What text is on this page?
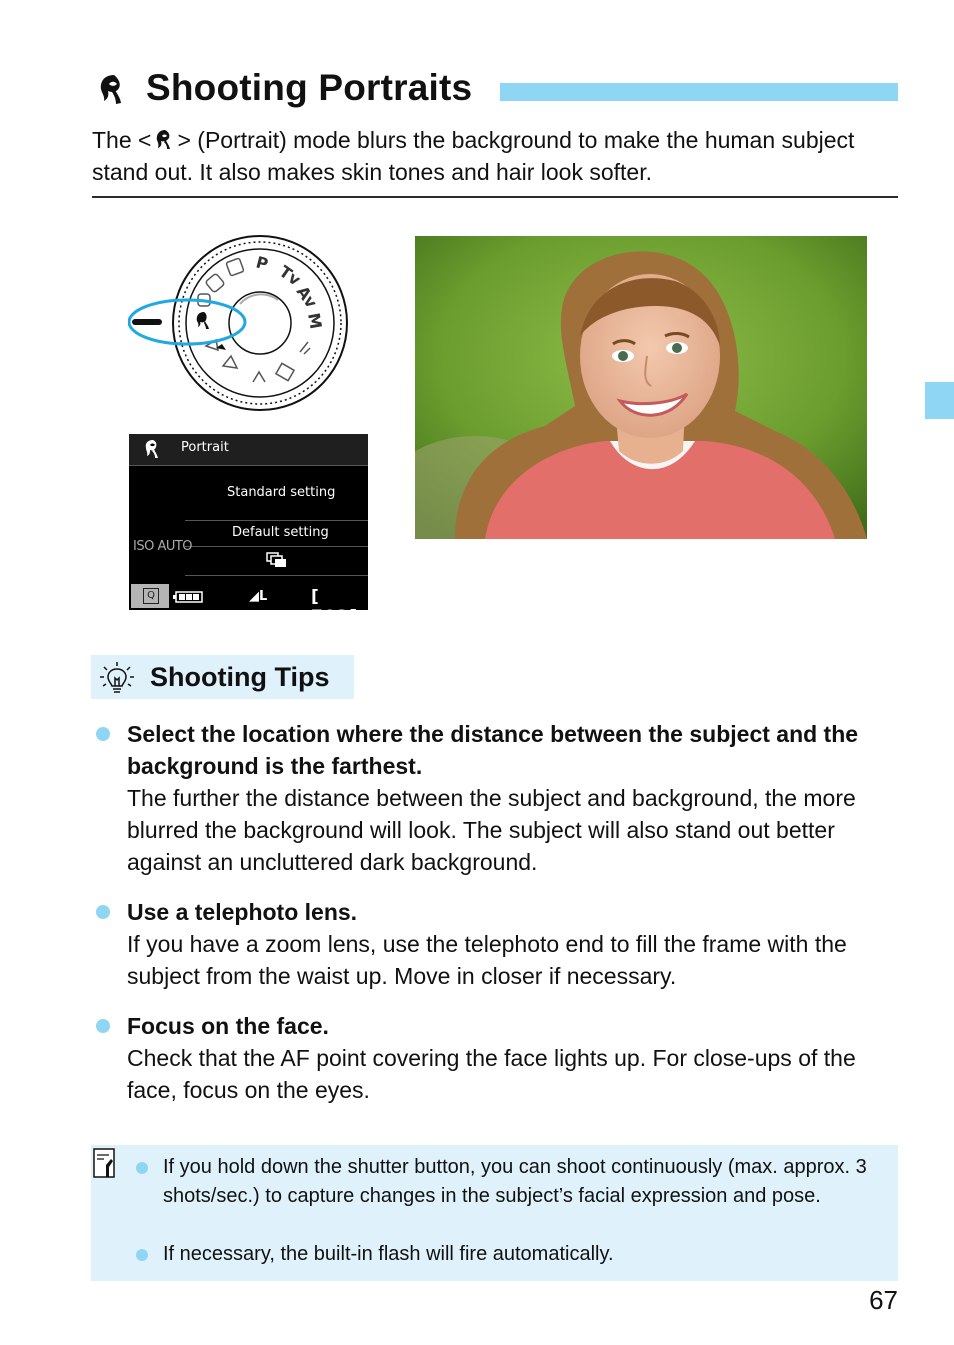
Shooting Portraits
The < > (Portrait) mode blurs the background to make the human subject stand out. It also makes skin tones and hair look softer.
P Tv
Av
M
Portrait
Standard setting
Default setting
ISO AUTO
Q	◢L	[ 703]
Shooting Tips
Select the location where the distance between the subject and the background is the farthest.
The further the distance between the subject and background, the more blurred the background will look. The subject will also stand out better against an uncluttered dark background.
Use a telephoto lens.
If you have a zoom lens, use the telephoto end to fill the frame with the subject from the waist up. Move in closer if necessary.
Focus on the face.
Check that the AF point covering the face lights up. For close-ups of the face, focus on the eyes.
If you hold down the shutter button, you can shoot continuously (max. approx. 3 shots/sec.) to capture changes in the subject’s facial expression and pose.
If necessary, the built-in flash will fire automatically.
67
